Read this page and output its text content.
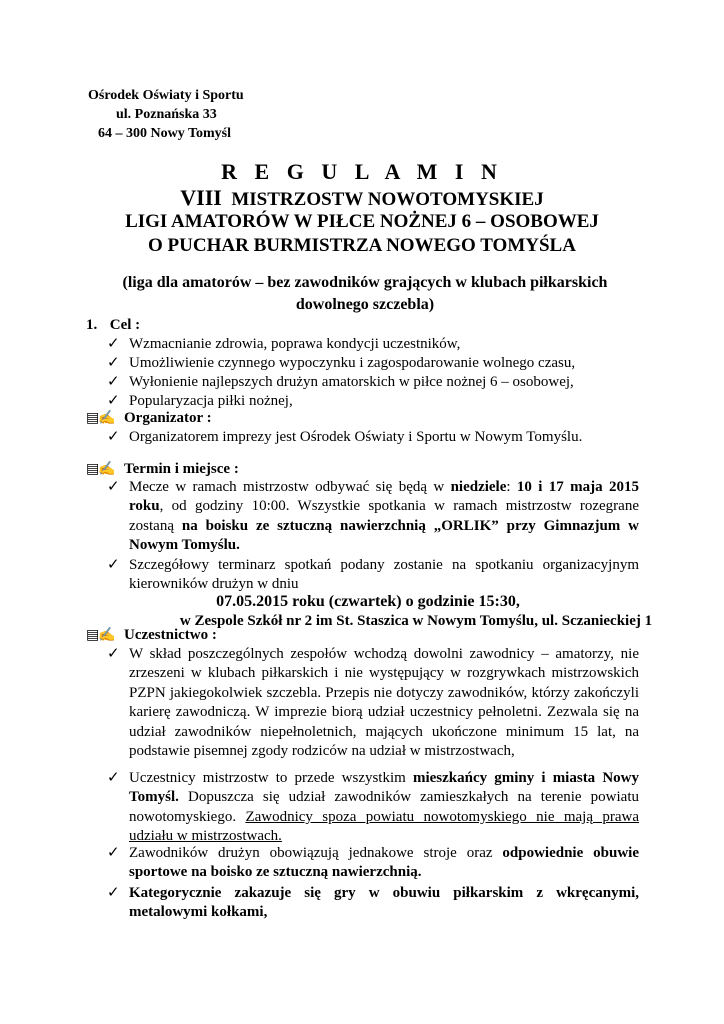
Ośrodek Oświaty i Sportu
ul. Poznańska 33
64 – 300 Nowy Tomyśl
R E G U L A M I N
VIII MISTRZOSTW NOWOTOMYSKIEJ
LIGI AMATORÓW W PIŁCE NOŻNEJ 6 – OSOBOWEJ
O PUCHAR BURMISTRZA NOWEGO TOMYŚLA
(liga dla amatorów – bez zawodników grających w klubach piłkarskich dowolnego szczebla)
1. Cel :
✓ Wzmacnianie zdrowia, poprawa kondycji uczestników,
✓ Umożliwienie czynnego wypoczynku i zagospodarowanie wolnego czasu,
✓ Wyłonienie najlepszych drużyn amatorskich w piłce nożnej 6 – osobowej,
✓ Popularyzacja piłki nożnej,
▤✍ Organizator :
✓ Organizatorem imprezy jest Ośrodek Oświaty i Sportu w Nowym Tomyślu.
▤✍ Termin i miejsce :
✓ Mecze w ramach mistrzostw odbywać się będą w niedziele: 10 i 17 maja 2015 roku, od godziny 10:00. Wszystkie spotkania w ramach mistrzostw rozegrane zostaną na boisku ze sztuczną nawierzchnią „ORLIK” przy Gimnazjum w Nowym Tomyślu.
✓ Szczegółowy terminarz spotkań podany zostanie na spotkaniu organizacyjnym kierowników drużyn w dniu
07.05.2015 roku (czwartek) o godzinie 15:30,
w Zespole Szkół nr 2 im St. Staszica w Nowym Tomyślu, ul. Sczanieckiej 1
▤✍ Uczestnictwo :
✓ W skład poszczególnych zespołów wchodzą dowolni zawodnicy – amatorzy, nie zrzeszeni w klubach piłkarskich i nie występujący w rozgrywkach mistrzowskich PZPN jakiegokolwiek szczebla. Przepis nie dotyczy zawodników, którzy zakończyli karierę zawodniczą. W imprezie biorą udział uczestnicy pełnoletni. Zezwala się na udział zawodników niepełnoletnich, mających ukończone minimum 15 lat, na podstawie pisemnej zgody rodziców na udział w mistrzostwach,
✓ Uczestnicy mistrzostw to przede wszystkim mieszkańcy gminy i miasta Nowy Tomyśl. Dopuszcza się udział zawodników zamieszkałych na terenie powiatu nowotomyskiego. Zawodnicy spoza powiatu nowotomyskiego nie mają prawa udziału w mistrzostwach.
✓ Zawodników drużyn obowiązują jednakowe stroje oraz odpowiednie obuwie sportowe na boisko ze sztuczną nawierzchnią.
✓ Kategorycznie zakazuje się gry w obuwiu piłkarskim z wkręcanymi, metalowymi kołkami,
